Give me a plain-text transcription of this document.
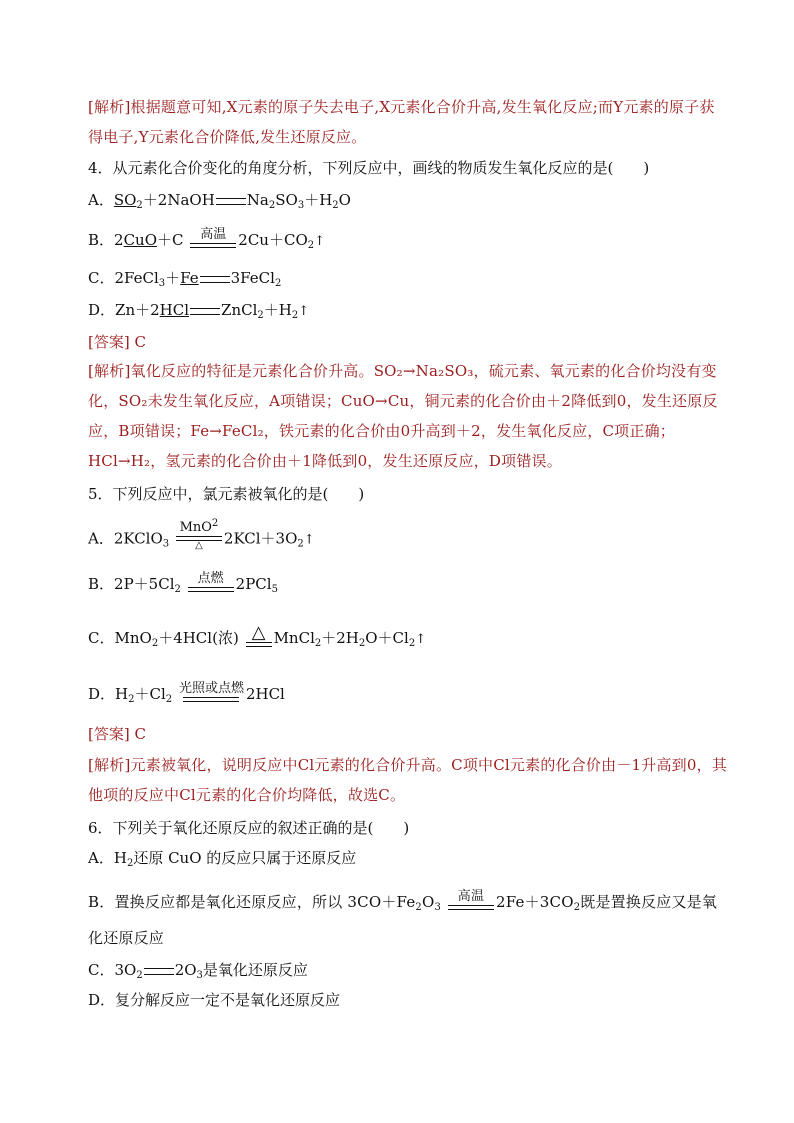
[解析]根据题意可知,X元素的原子失去电子,X元素化合价升高,发生氧化反应;而Y元素的原子获得电子,Y元素化合价降低,发生还原反应。

4．从元素化合价变化的角度分析，下列反应中，画线的物质发生氧化反应的是(　　)

A．$SO_2+2NaOH$ $Na_2SO_3+H_2O$

B．2CuO＋C 高温 $2Cu+CO_2↑$

C．2FeCl$_3$＋Fe 3FeCl$_2$

D．Zn＋2HCl $ZnCl_2+H_2↑$

[答案] C

[解析]氧化反应的特征是元素化合价升高。SO₂→Na₂SO₃，硫元素、氧元素的化合价均没有变化，SO₂未发生氧化反应，A项错误；CuO→Cu，铜元素的化合价由＋2降低到0，发生还原反应，B项错误；Fe→FeCl₂，铁元素的化合价由0升高到＋2，发生氧化反应，C项正确；HCl→H₂，氢元素的化合价由＋1降低到0，发生还原反应，D项错误。

5．下列反应中，氯元素被氧化的是(　　)

A．2KClO$_3$
MnO$^2$
△ $2KCl+3O_2↑$

B．$2P+5Cl_2$
点燃 2PCl$_5$

C．MnO$_2$＋4HCl(浓) △ $MnCl_2+2H_2O+Cl_2↑$

D．$H_2+Cl_2$
光照或点燃 2HCl

[答案] C

[解析]元素被氧化，说明反应中Cl元素的化合价升高。C项中Cl元素的化合价由－1升高到0，其他项的反应中Cl元素的化合价均降低，故选C。

6．下列关于氧化还原反应的叙述正确的是(　　)

A．$H_2$还原 CuO 的反应只属于还原反应

B．置换反应都是氧化还原反应，所以 $3CO+Fe_2O_3$
高温 $2Fe+3CO_2$既是置换反应又是氧化还原反应

C．$3O_2$ $2O_3$是氧化还原反应

D．复分解反应一定不是氧化还原反应
